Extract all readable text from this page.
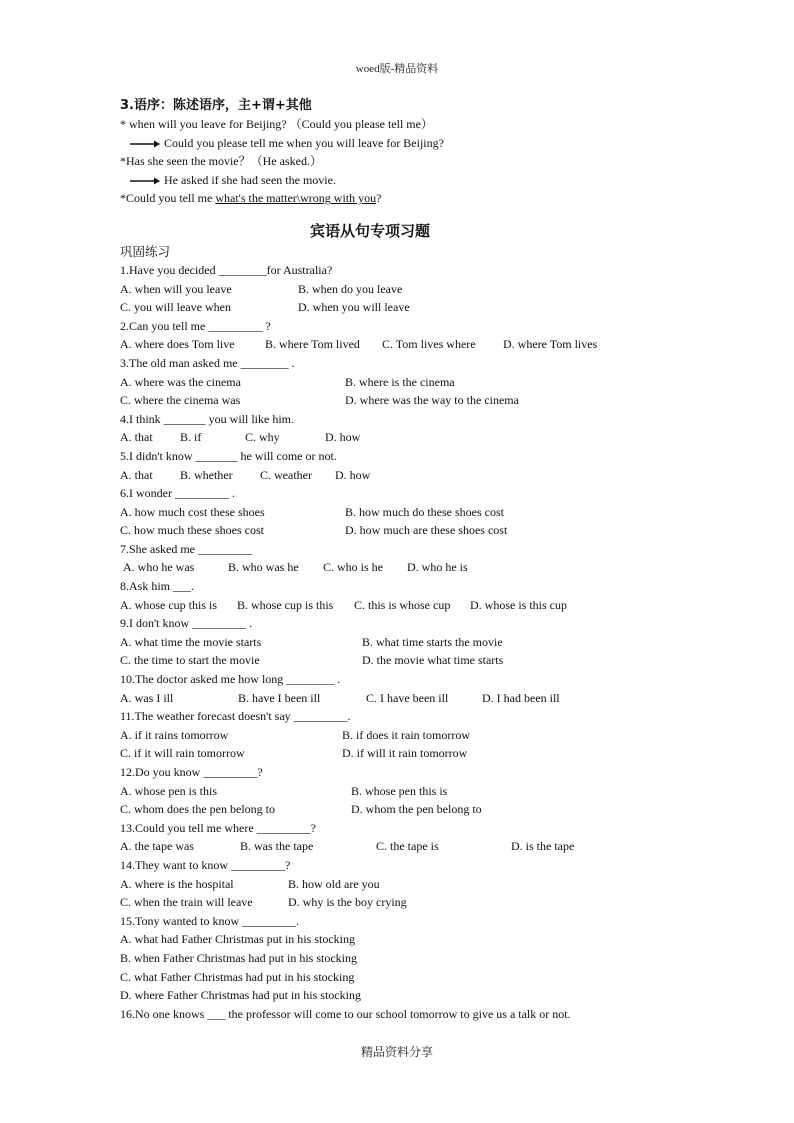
woed版-精品资料
3.语序：陈述语序，主+谓+其他
* when will you leave for Beijing? （Could you please tell me）
Could you please tell me when you will leave for Beijing?
*Has she seen the movie？（He asked.）
He asked if she had seen the movie.
*Could you tell me what's the matter\wrong with you?
宾语从句专项习题
巩固练习
1.Have you decided ________for Australia?
A. when will you leave	B. when do you leave
C. you will leave when	D. when you will leave
2.Can you tell me _________ ?
A. where does Tom live	B. where Tom lived C. Tom lives where D. where Tom lives
3.The old man asked me ________ .
A. where was the cinema	B. where is the cinema
C. where the cinema was	D. where was the way to the cinema
4.I think _______ you will like him.
A. that B. if	C. why	D. how
5.I didn't know _______ he will come or not.
A. that B. whether C. weather D. how
6.I wonder _________ .
A. how much cost these shoes	B. how much do these shoes cost
C. how much these shoes cost	D. how much are these shoes cost
7.She asked me _________
A. who he was	B. who was he C. who is he D. who he is
8.Ask him ___.
A. whose cup this is B. whose cup is this C. this is whose cup D. whose is this cup
9.I don't know _________ .
A. what time the movie starts	B. what time starts the movie
C. the time to start the movie	D. the movie what time starts
10.The doctor asked me how long ________ .
A. was I ill	B. have I been ill	C. I have been ill	D. I had been ill
11.The weather forecast doesn't say _________.
A. if it rains tomorrow	B. if does it rain tomorrow
C. if it will rain tomorrow	D. if will it rain tomorrow
12.Do you know _________?
A. whose pen is this	B. whose pen this is
C. whom does the pen belong to	D. whom the pen belong to
13.Could you tell me where _________?
A. the tape was	B. was the tape	C. the tape is	D. is the tape
14.They want to know _________?
A. where is the hospital	B. how old are you
C. when the train will leave	D. why is the boy crying
15.Tony wanted to know _________.
A. what had Father Christmas put in his stocking
B. when Father Christmas had put in his stocking
C. what Father Christmas had put in his stocking
D. where Father Christmas had put in his stocking
16.No one knows ___ the professor will come to our school tomorrow to give us a talk or not.
精品资料分享
